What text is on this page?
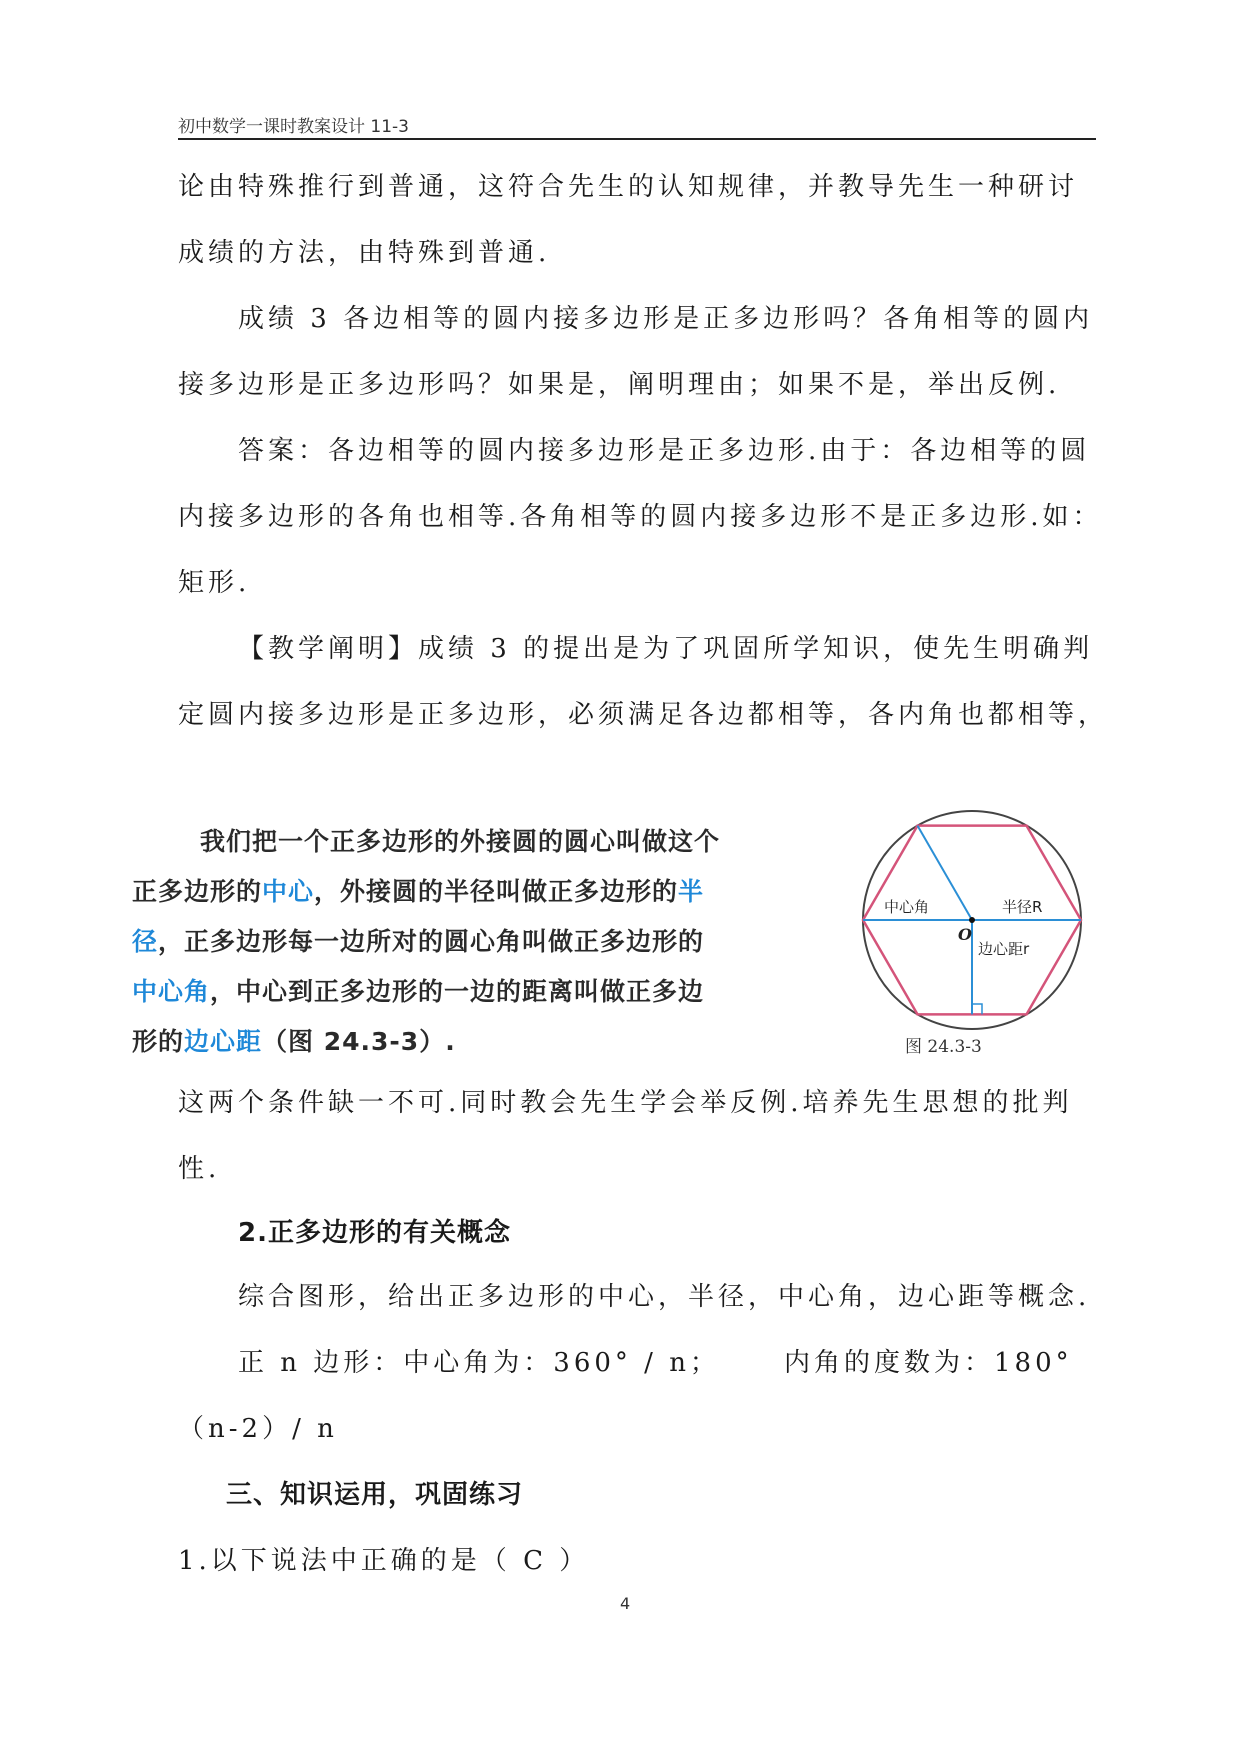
初中数学一课时教案设计 11-3
论由特殊推行到普通，这符合先生的认知规律，并教导先生一种研讨
成绩的方法，由特殊到普通.
成绩 3 各边相等的圆内接多边形是正多边形吗？各角相等的圆内
接多边形是正多边形吗？如果是，阐明理由；如果不是，举出反例.
答案：各边相等的圆内接多边形是正多边形.由于：各边相等的圆
内接多边形的各角也相等.各角相等的圆内接多边形不是正多边形.如：
矩形.
【教学阐明】成绩 3 的提出是为了巩固所学知识，使先生明确判
定圆内接多边形是正多边形，必须满足各边都相等，各内角也都相等，
我们把一个正多边形的外接圆的圆心叫做这个
正多边形的中心，外接圆的半径叫做正多边形的半
径，正多边形每一边所对的圆心角叫做正多边形的
中心角，中心到正多边形的一边的距离叫做正多边
形的边心距（图 24.3-3）.
中心角	半径R
O
边心距r
图 24.3-3
这两个条件缺一不可.同时教会先生学会举反例.培养先生思想的批判
性.
2.正多边形的有关概念
综合图形，给出正多边形的中心，半径，中心角，边心距等概念.
正 n 边形：中心角为：360° / n； 内角的度数为：180°
（n-2）/ n
三、知识运用，巩固练习
1.以下说法中正确的是（ C ）
4
